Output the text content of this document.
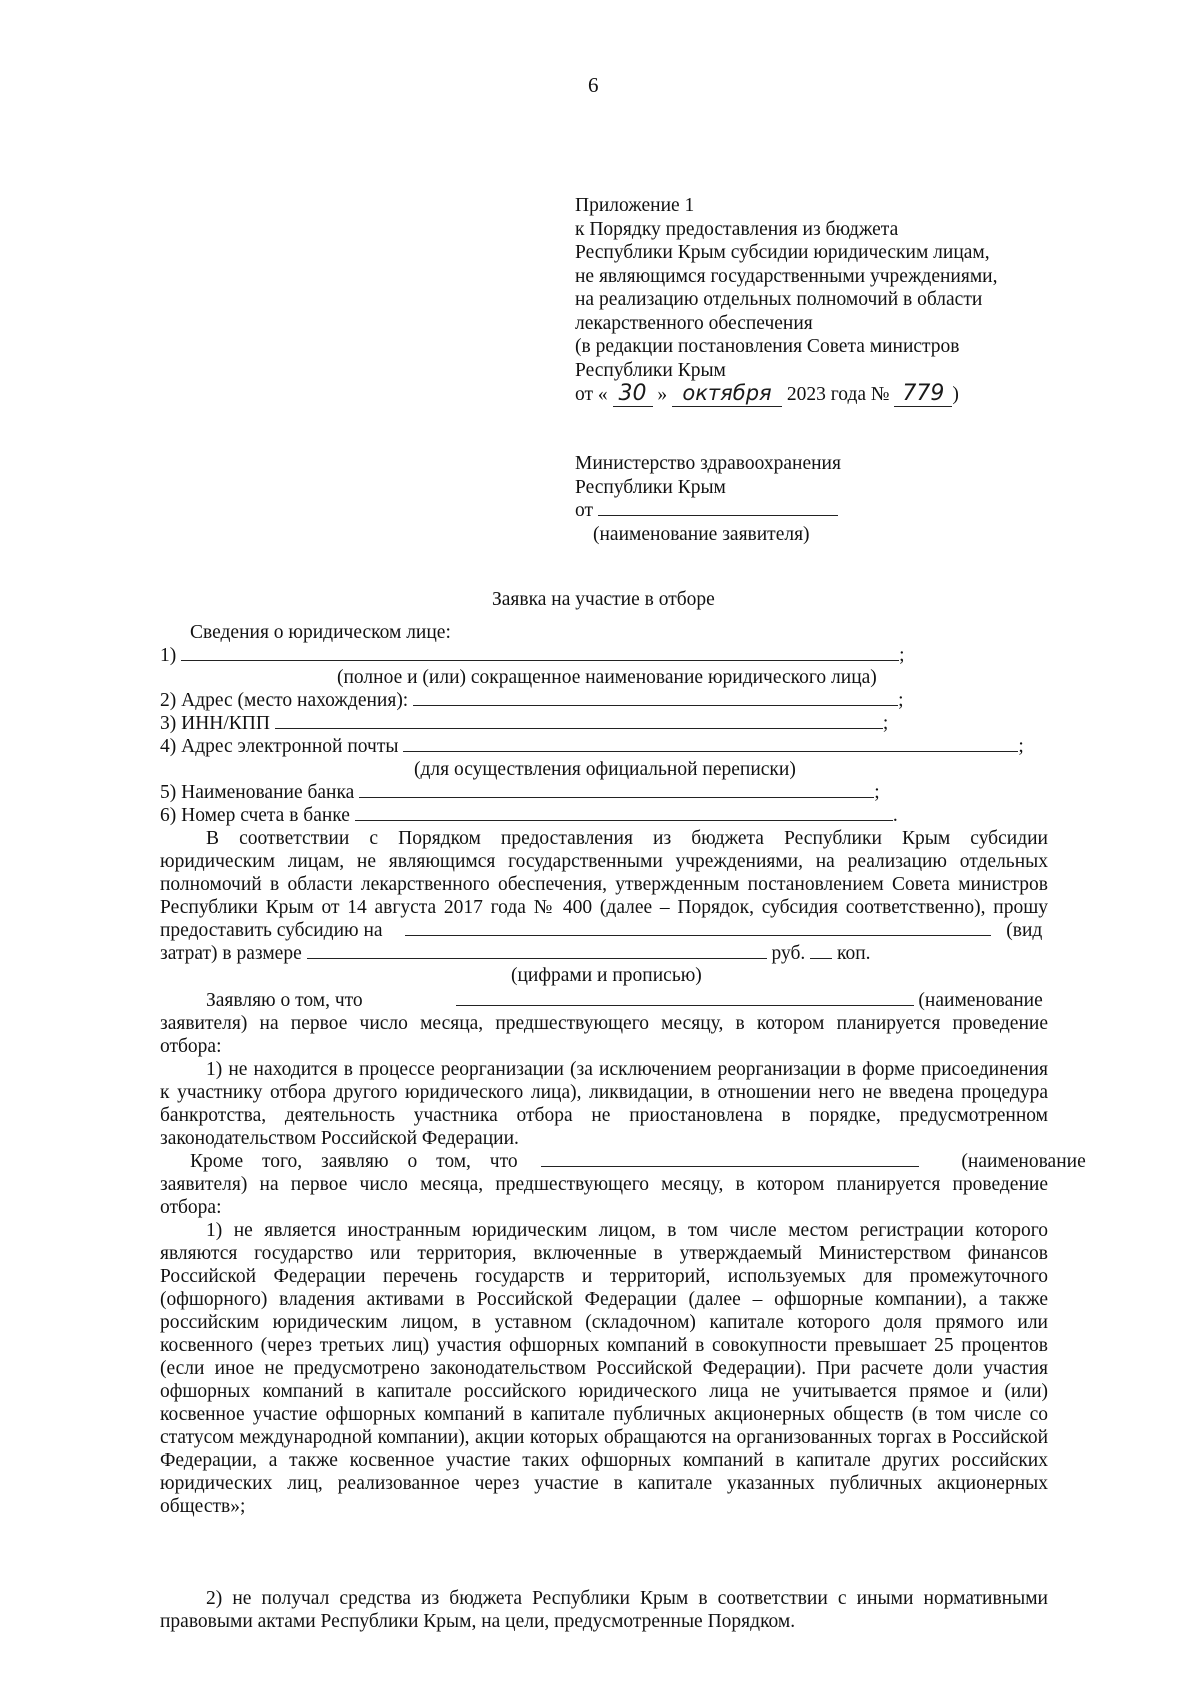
6
Приложение 1
к Порядку предоставления из бюджета
Республики Крым субсидии юридическим лицам,
не являющимся государственными учреждениями,
на реализацию отдельных полномочий в области
лекарственного обеспечения
(в редакции постановления Совета министров
Республики Крым
от « 30 » октября 2023 года № 779 )
Министерство здравоохранения
Республики Крым
от
(наименование заявителя)
Заявка на участие в отборе
Сведения о юридическом лице:
1)	;
(полное и (или) сокращенное наименование юридического лица)
2) Адрес (место нахождения):	;
3) ИНН/КПП	;
4) Адрес электронной почты	;
(для осуществления официальной переписки)
5) Наименование банка	;
6) Номер счета в банке	.
В соответствии с Порядком предоставления из бюджета Республики Крым субсидии
юридическим лицам, не являющимся государственными учреждениями, на реализацию отдельных
полномочий в области лекарственного обеспечения, утвержденным постановлением Совета министров
Республики Крым от 14 августа 2017 года № 400 (далее – Порядок, субсидия соответственно), прошу
предоставить субсидию на	(вид
затрат) в размере	руб. коп.
(цифрами и прописью)
Заявляю о том, что	(наименование
заявителя) на первое число месяца, предшествующего месяцу, в котором планируется проведение
отбора:
1) не находится в процессе реорганизации (за исключением реорганизации в форме присоединения к участнику отбора другого юридического лица), ликвидации, в отношении него не введена процедура банкротства, деятельность участника отбора не приостановлена в порядке, предусмотренном законодательством Российской Федерации.
Кроме того, заявляю о том, что	(наименование
заявителя) на первое число месяца, предшествующего месяцу, в котором планируется проведение
отбора:
1) не является иностранным юридическим лицом, в том числе местом регистрации которого являются государство или территория, включенные в утверждаемый Министерством финансов Российской Федерации перечень государств и территорий, используемых для промежуточного (офшорного) владения активами в Российской Федерации (далее – офшорные компании), а также российским юридическим лицом, в уставном (складочном) капитале которого доля прямого или косвенного (через третьих лиц) участия офшорных компаний в совокупности превышает 25 процентов (если иное не предусмотрено законодательством Российской Федерации). При расчете доли участия офшорных компаний в капитале российского юридического лица не учитывается прямое и (или) косвенное участие офшорных компаний в капитале публичных акционерных обществ (в том числе со статусом международной компании), акции которых обращаются на организованных торгах в Российской Федерации, а также косвенное участие таких офшорных компаний в капитале других российских юридических лиц, реализованное через участие в капитале указанных публичных акционерных обществ»;
2) не получал средства из бюджета Республики Крым в соответствии с иными нормативными правовыми актами Республики Крым, на цели, предусмотренные Порядком.
